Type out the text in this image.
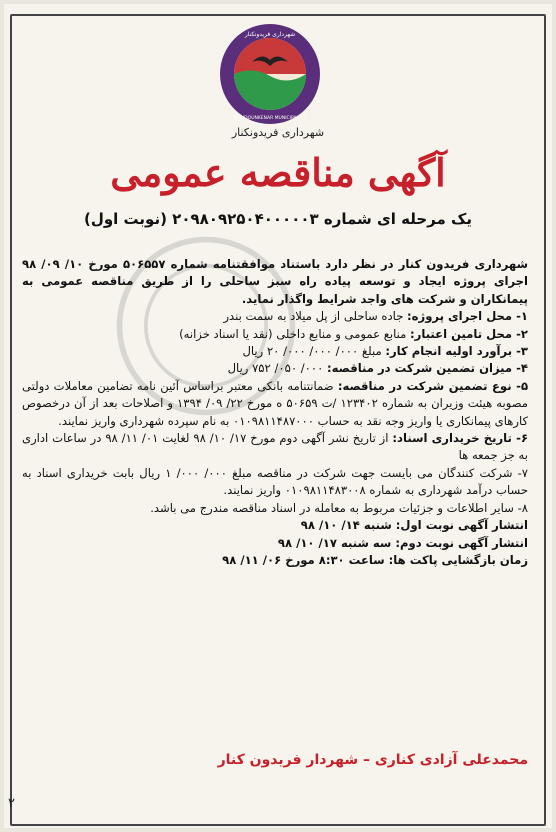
شهرداری فریدونکنار
PERIDOUNKENAR MUNICIPALITY
شهرداری فریدونکنار
آگهی مناقصه عمومی
یک مرحله ای شماره ۲۰۹۸۰۹۲۵۰۴۰۰۰۰۰۳ (نوبت اول)

شهرداری فریدون کنار در نظر دارد باستناد موافقتنامه شماره ۵۰۶۵۵۷ مورخ ۱۰/ ۰۹/ ۹۸ اجرای پروژه ایجاد و توسعه پیاده راه سبز ساحلی را از طریق مناقصه عمومی به پیمانکاران و شرکت های واجد شرایط واگذار نماید.

۱- محل اجرای پروژه: جاده ساحلی از پل میلاد به سمت بندر

۲- محل تامین اعتبار: منابع عمومی و منابع داخلی (نقد یا اسناد خزانه)

۳- برآورد اولیه انجام کار: مبلغ ۰۰۰/ ۰۰۰/ ۰۰۰/ ۲۰ ریال

۴- میزان تضمین شرکت در مناقصه: ۰۰۰/ ۰۵۰/ ۷۵۲ ریال

۵- نوع تضمین شرکت در مناقصه: ضمانتنامه بانکی معتبر براساس آئین نامه تضامین معاملات دولتی مصوبه هیئت وزیران به شماره ۱۲۳۴۰۲ /ت ۵۰۶۵۹ ه مورخ ۲۲/ ۰۹/ ۱۳۹۴ و اصلاحات بعد از آن درخصوص کارهای پیمانکاری یا واریز وجه نقد به حساب ۰۱۰۹۸۱۱۴۸۷۰۰۰ به نام سپرده شهرداری واریز نمایند.

۶- تاریخ خریداری اسناد: از تاریخ نشر آگهی دوم مورخ ۱۷/ ۱۰/ ۹۸ لغایت ۰۱/ ۱۱/ ۹۸ در ساعات اداری به جز جمعه ها

۷- شرکت کنندگان می بایست جهت شرکت در مناقصه مبلغ ۰۰۰/ ۰۰۰/ ۱ ریال بابت خریداری اسناد به حساب درآمد شهرداری به شماره ۰۱۰۹۸۱۱۴۸۳۰۰۸ واریز نمایند.

۸- سایر اطلاعات و جزئیات مربوط به معامله در اسناد مناقصه مندرج می باشد.

انتشار آگهی نوبت اول: شنبه ۱۴/ ۱۰/ ۹۸

انتشار آگهی نوبت دوم: سه شنبه ۱۷/ ۱۰/ ۹۸

زمان بازگشایی پاکت ها: ساعت ۸:۳۰ مورخ ۰۶/ ۱۱/ ۹۸

محمدعلی آزادی کناری – شهردار فریدون کنار
۲
